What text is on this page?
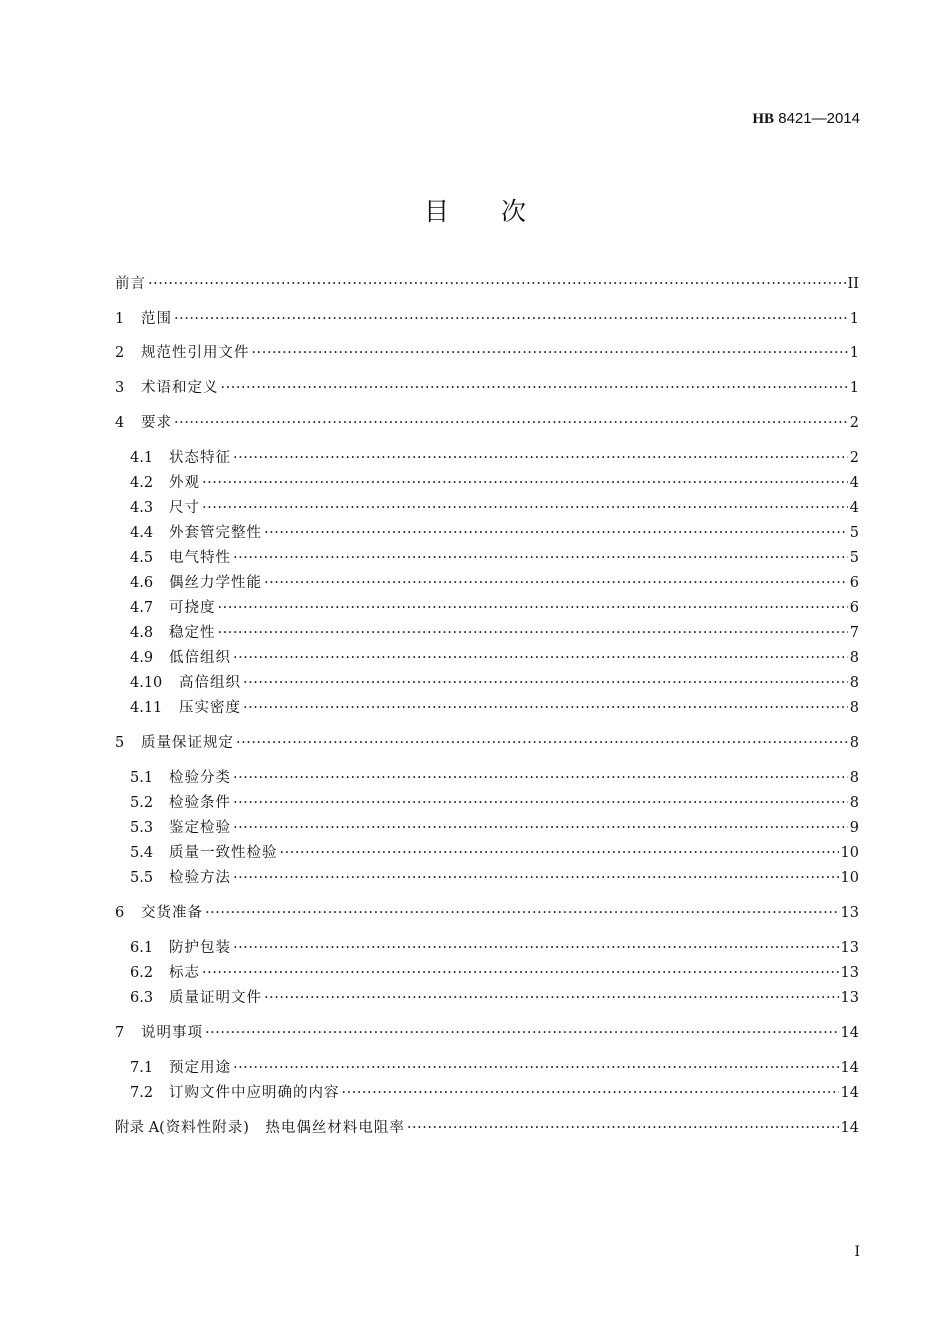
HB 8421—2014
目次
前言 ·····	II
1	范围 ·····	1
2	规范性引用文件 ·····	1
3	术语和定义 ·····	1
4	要求 ·····	2
4.1	状态特征 ·····	2
4.2	外观 ·····	4
4.3	尺寸 ·····	4
4.4	外套管完整性 ·····	5
4.5	电气特性 ·····	5
4.6	偶丝力学性能 ·····	6
4.7	可挠度 ·····	6
4.8	稳定性 ·····	7
4.9	低倍组织 ·····	8
4.10	高倍组织 ·····	8
4.11	压实密度 ·····	8
5	质量保证规定 ·····	8
5.1	检验分类 ·····	8
5.2	检验条件 ·····	8
5.3	鉴定检验 ·····	9
5.4	质量一致性检验 ·····	10
5.5	检验方法 ·····	10
6	交货准备 ·····	13
6.1	防护包装 ·····	13
6.2	标志 ·····	13
6.3	质量证明文件 ·····	13
7	说明事项 ·····	14
7.1	预定用途 ·····	14
7.2	订购文件中应明确的内容 ·····	14
附录 A (资料性附录)　热电偶丝材料电阻率 ·····	14
I
